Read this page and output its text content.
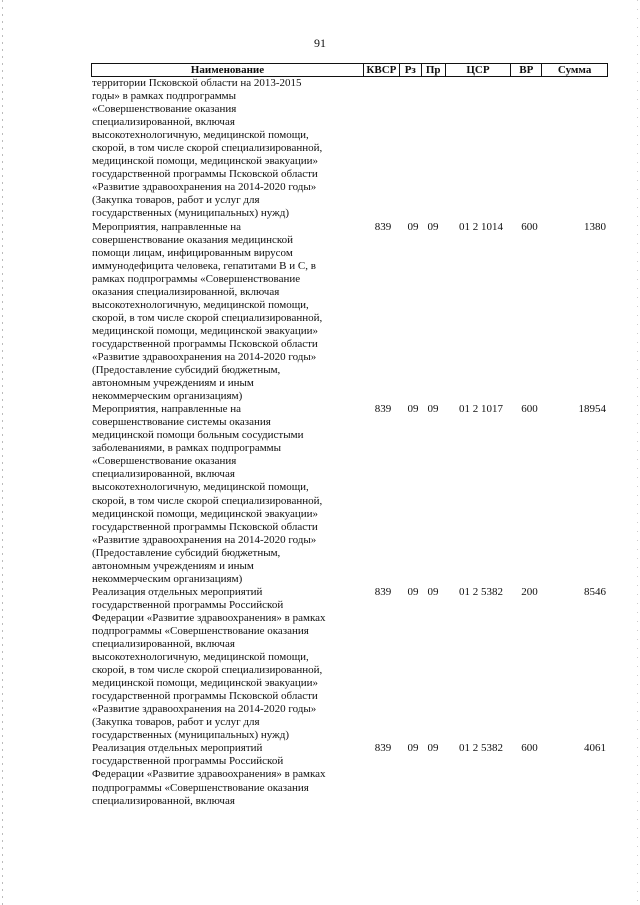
91
Наименование	КВСР Рз Пр	ЦСР	ВР	Сумма
территории Псковской области на 2013-2015
годы» в рамках подпрограммы
«Совершенствование оказания
специализированной, включая
высокотехнологичную, медицинской помощи,
скорой, в том числе скорой специализированной,
медицинской помощи, медицинской эвакуации»
государственной программы Псковской области
«Развитие здравоохранения на 2014-2020 годы»
(Закупка товаров, работ и услуг для
государственных (муниципальных) нужд)
Мероприятия, направленные на
совершенствование оказания медицинской
помощи лицам, инфицированным вирусом
иммунодефицита человека, гепатитами В и С, в
рамках подпрограммы «Совершенствование
оказания специализированной, включая
высокотехнологичную, медицинской помощи,
скорой, в том числе скорой специализированной,
медицинской помощи, медицинской эвакуации»
государственной программы Псковской области
«Развитие здравоохранения на 2014-2020 годы»
(Предоставление субсидий бюджетным,
автономным учреждениям и иным
некоммерческим организациям)
839	09 09	01 2 1014	600	1380
Мероприятия, направленные на
совершенствование системы оказания
медицинской помощи больным сосудистыми
заболеваниями, в рамках подпрограммы
«Совершенствование оказания
специализированной, включая
высокотехнологичную, медицинской помощи,
скорой, в том числе скорой специализированной,
медицинской помощи, медицинской эвакуации»
государственной программы Псковской области
«Развитие здравоохранения на 2014-2020 годы»
(Предоставление субсидий бюджетным,
автономным учреждениям и иным
некоммерческим организациям)
839	09 09	01 2 1017	600	18954
Реализация отдельных мероприятий
государственной программы Российской
Федерации «Развитие здравоохранения» в рамках
подпрограммы «Совершенствование оказания
специализированной, включая
высокотехнологичную, медицинской помощи,
скорой, в том числе скорой специализированной,
медицинской помощи, медицинской эвакуации»
государственной программы Псковской области
«Развитие здравоохранения на 2014-2020 годы»
(Закупка товаров, работ и услуг для
государственных (муниципальных) нужд)
839	09 09	01 2 5382	200	8546
Реализация отдельных мероприятий
государственной программы Российской
Федерации «Развитие здравоохранения» в рамках
подпрограммы «Совершенствование оказания
специализированной, включая
839	09 09	01 2 5382	600	4061
